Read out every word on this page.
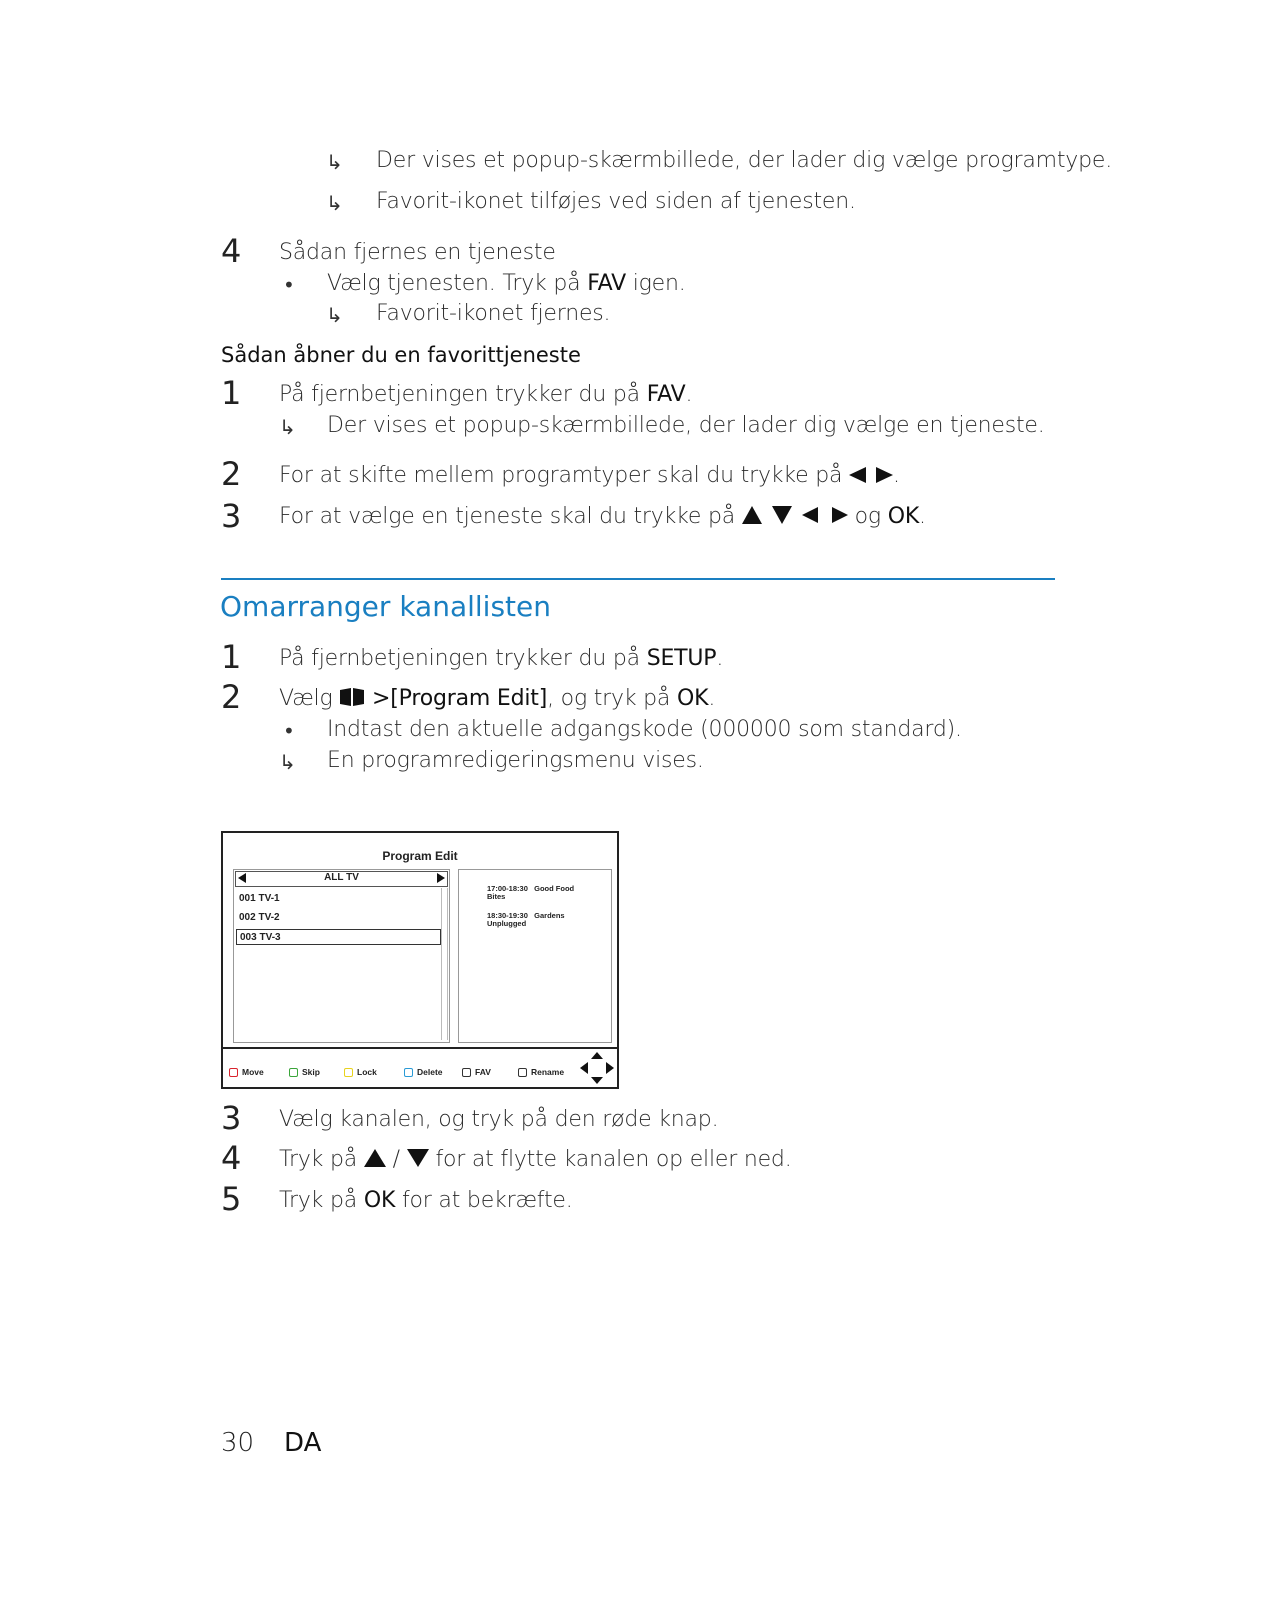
↳ Der vises et popup-skærmbillede, der lader dig vælge programtype.
↳ Favorit-ikonet tilføjes ved siden af tjenesten.
4 Sådan fjernes en tjeneste
• Vælg tjenesten. Tryk på FAV igen.
↳ Favorit-ikonet fjernes.
Sådan åbner du en favorittjeneste
1 På fjernbetjeningen trykker du på FAV.
↳ Der vises et popup-skærmbillede, der lader dig vælge en tjeneste.
2 For at skifte mellem programtyper skal du trykke på .
3 For at vælge en tjeneste skal du trykke på	og OK.
Omarranger kanallisten
1 På fjernbetjeningen trykker du på SETUP.
2 Vælg  >[Program Edit], og tryk på OK.
• Indtast den aktuelle adgangskode (000000 som standard).
↳ En programredigeringsmenu vises.
Program Edit
ALL TV
001 TV-1
002 TV-2
003 TV-3
17:00-18:30 Good Food
Bites
18:30-19:30 Gardens
Unplugged
Move	Skip	Lock	Delete	FAV	Rename
3 Vælg kanalen, og tryk på den røde knap.
4 Tryk på  /  for at flytte kanalen op eller ned.
5 Tryk på OK for at bekræfte.
30 DA
